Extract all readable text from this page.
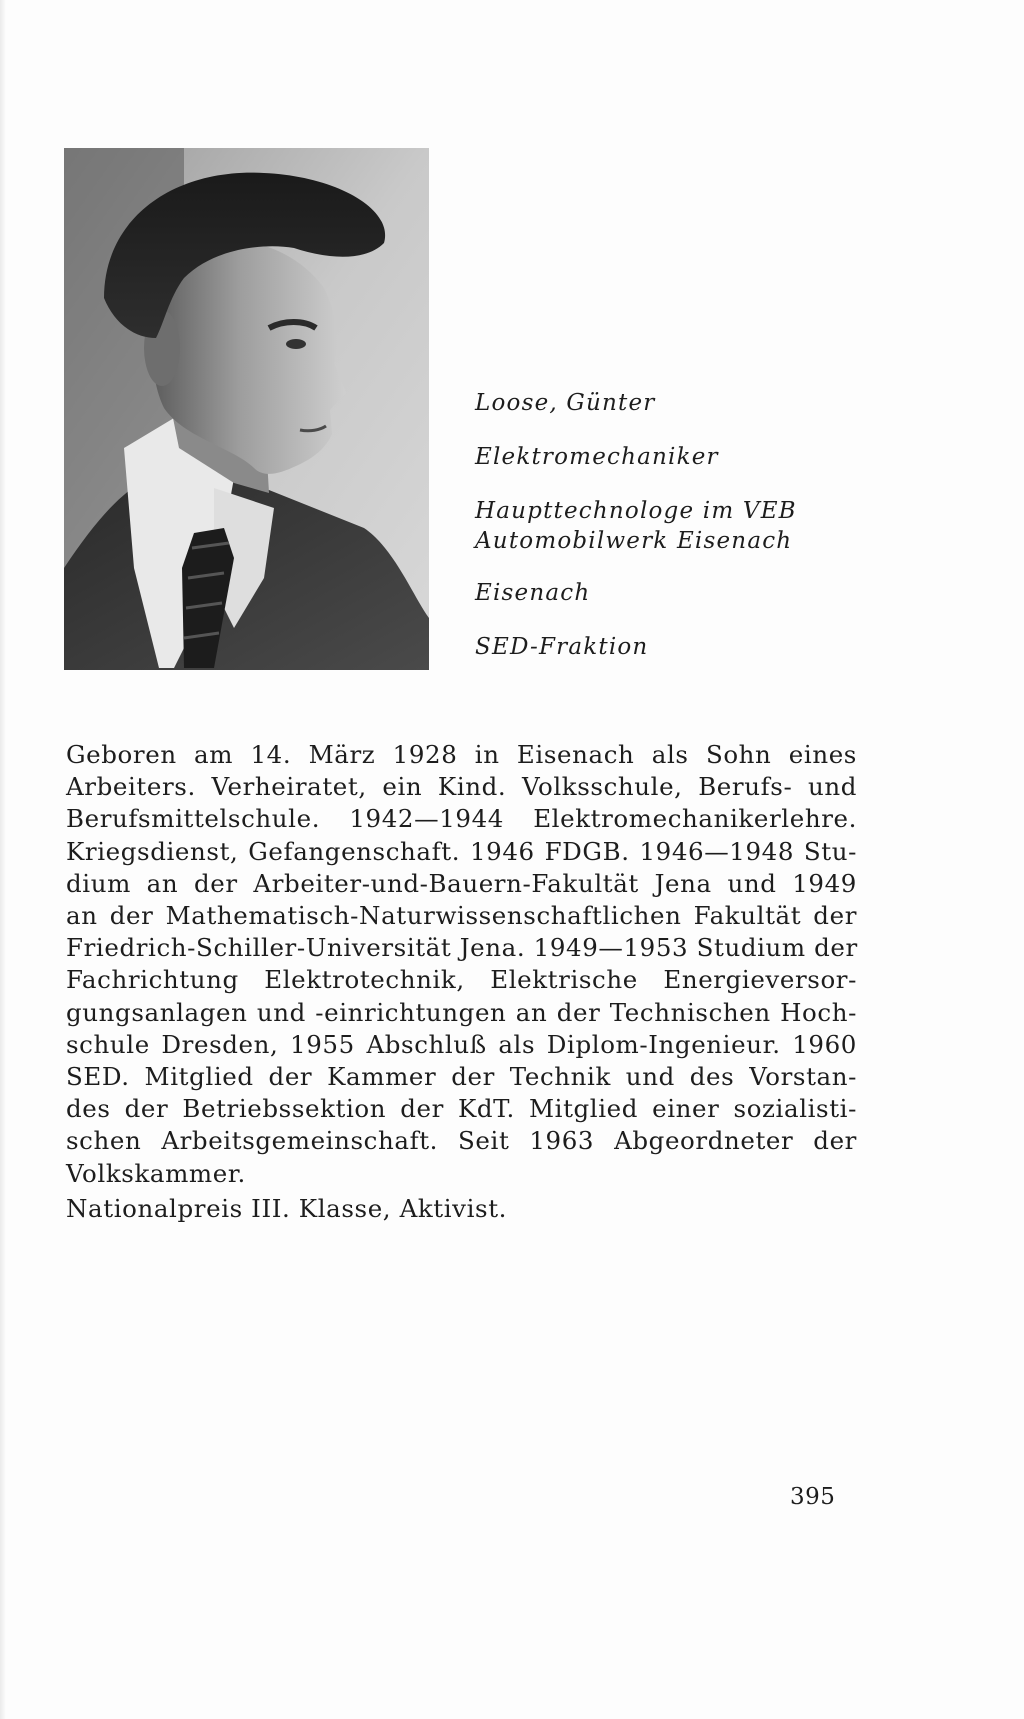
Loose, Günter

Elektromechaniker

Haupttechnologe im VEB

Automobilwerk Eisenach

Eisenach

SED-Fraktion

Geboren am 14. März 1928 in Eisenach als Sohn eines
Arbeiters. Verheiratet, ein Kind. Volksschule, Berufs- und
Berufsmittelschule. 1942—1944 Elektromechanikerlehre.
Kriegsdienst, Gefangenschaft. 1946 FDGB. 1946—1948 Stu-
dium an der Arbeiter-und-Bauern-Fakultät Jena und 1949
an der Mathematisch-Naturwissenschaftlichen Fakultät der
Friedrich-Schiller-Universität Jena. 1949—1953 Studium der
Fachrichtung Elektrotechnik, Elektrische Energieversor-
gungsanlagen und -einrichtungen an der Technischen Hoch-
schule Dresden, 1955 Abschluß als Diplom-Ingenieur. 1960
SED. Mitglied der Kammer der Technik und des Vorstan-
des der Betriebssektion der KdT. Mitglied einer sozialisti-
schen Arbeitsgemeinschaft. Seit 1963 Abgeordneter der
Volkskammer.
Nationalpreis III. Klasse, Aktivist.
395
